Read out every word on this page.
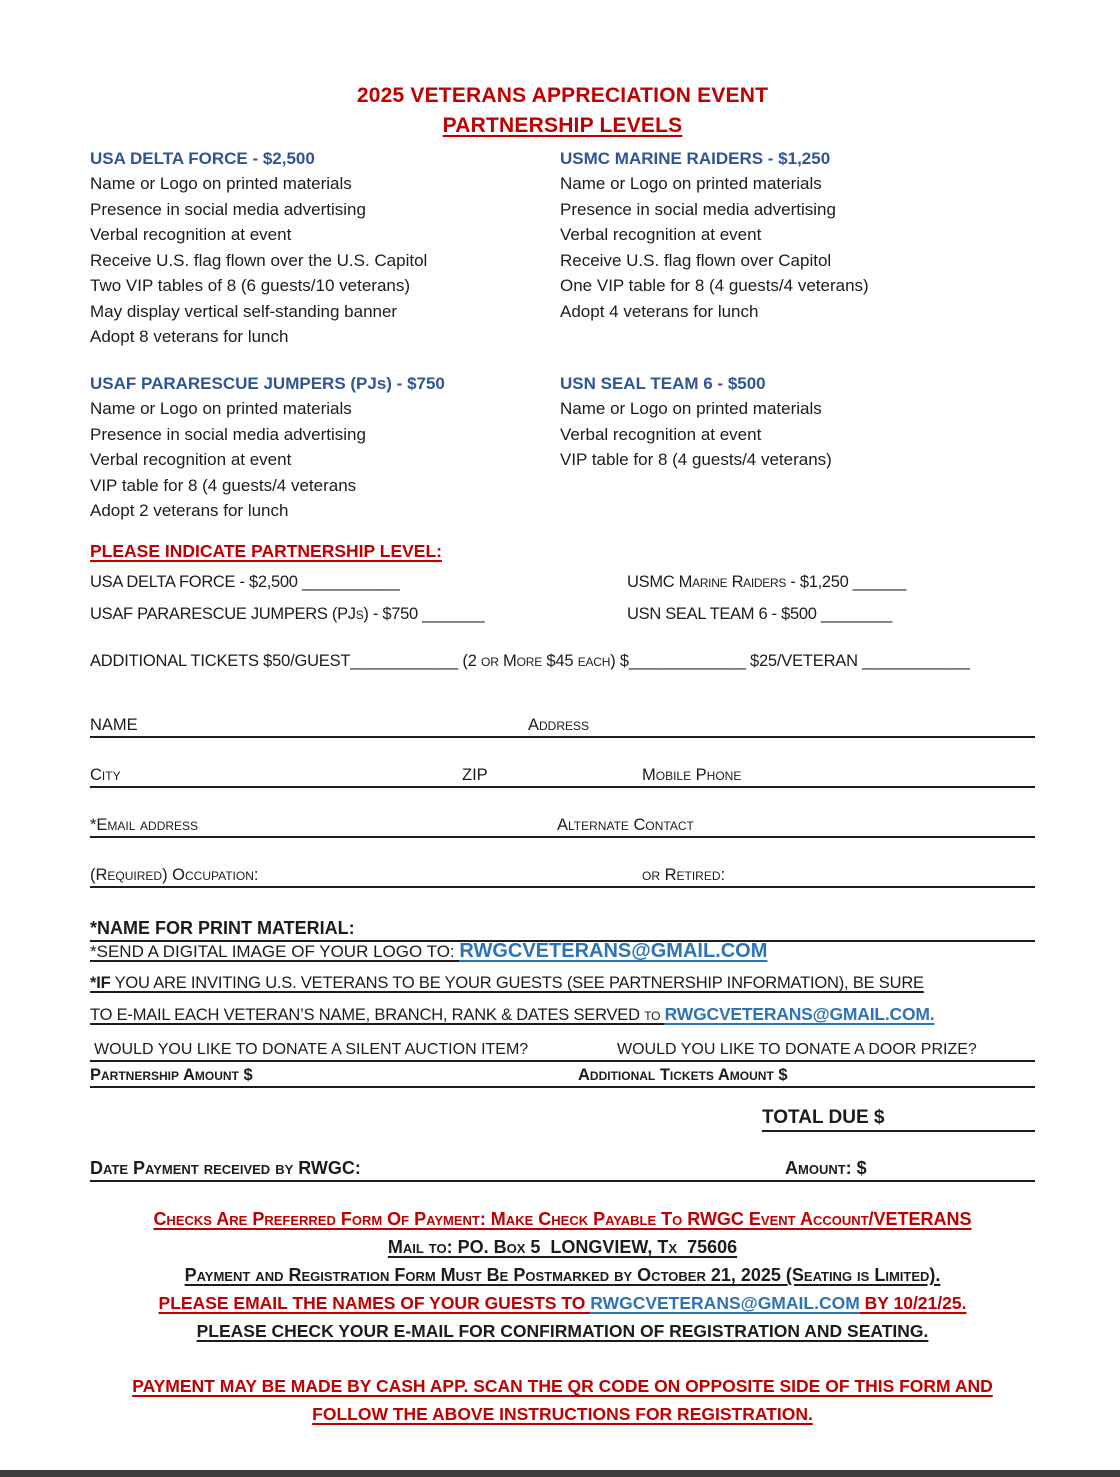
2025 VETERANS APPRECIATION EVENT
PARTNERSHIP LEVELS
USA DELTA FORCE - $2,500
Name or Logo on printed materials
Presence in social media advertising
Verbal recognition at event
Receive U.S. flag flown over the U.S. Capitol
Two VIP tables of 8 (6 guests/10 veterans)
May display vertical self-standing banner
Adopt 8 veterans for lunch
USMC MARINE RAIDERS - $1,250
Name or Logo on printed materials
Presence in social media advertising
Verbal recognition at event
Receive U.S. flag flown over Capitol
One VIP table for 8 (4 guests/4 veterans)
Adopt 4 veterans for lunch
USAF PARARESCUE JUMPERS (PJs) - $750
Name or Logo on printed materials
Presence in social media advertising
Verbal recognition at event
VIP table for 8 (4 guests/4 veterans
Adopt 2 veterans for lunch
USN SEAL TEAM 6 - $500
Name or Logo on printed materials
Verbal recognition at event
VIP table for 8 (4 guests/4 veterans)
PLEASE INDICATE PARTNERSHIP LEVEL:
USA DELTA FORCE - $2,500 ___________	USMC Marine Raiders - $1,250 ______
USAF PARARESCUE JUMPERS (PJs) - $750 _______	USN SEAL TEAM 6 - $500 ________
ADDITIONAL TICKETS $50/GUEST____________ (2 or More $45 each) $_____________ $25/VETERAN ____________
NAME	Address
City	ZIP	Mobile Phone
*Email address	Alternate Contact
(Required) Occupation:	or Retired:
*NAME FOR PRINT MATERIAL:
*SEND A DIGITAL IMAGE OF YOUR LOGO TO: RWGCVETERANS@GMAIL.COM
*IF YOU ARE INVITING U.S. VETERANS TO BE YOUR GUESTS (SEE PARTNERSHIP INFORMATION), BE SURE
TO E-MAIL EACH VETERAN’S NAME, BRANCH, RANK & DATES SERVED to RWGCVETERANS@GMAIL.COM.
WOULD YOU LIKE TO DONATE A SILENT AUCTION ITEM?	WOULD YOU LIKE TO DONATE A DOOR PRIZE?
Partnership Amount $	Additional Tickets Amount $
TOTAL DUE $
Date Payment received by RWGC:	Amount: $
Checks Are Preferred Form Of Payment: Make Check Payable To RWGC Event Account/VETERANS
Mail to: PO. Box 5  LONGVIEW, Tx  75606
Payment and Registration Form Must Be Postmarked by October 21, 2025 (Seating is Limited).
PLEASE EMAIL THE NAMES OF YOUR GUESTS TO RWGCVETERANS@GMAIL.COM BY 10/21/25.
PLEASE CHECK YOUR E-MAIL FOR CONFIRMATION OF REGISTRATION AND SEATING.
PAYMENT MAY BE MADE BY CASH APP. SCAN THE QR CODE ON OPPOSITE SIDE OF THIS FORM AND
FOLLOW THE ABOVE INSTRUCTIONS FOR REGISTRATION.
